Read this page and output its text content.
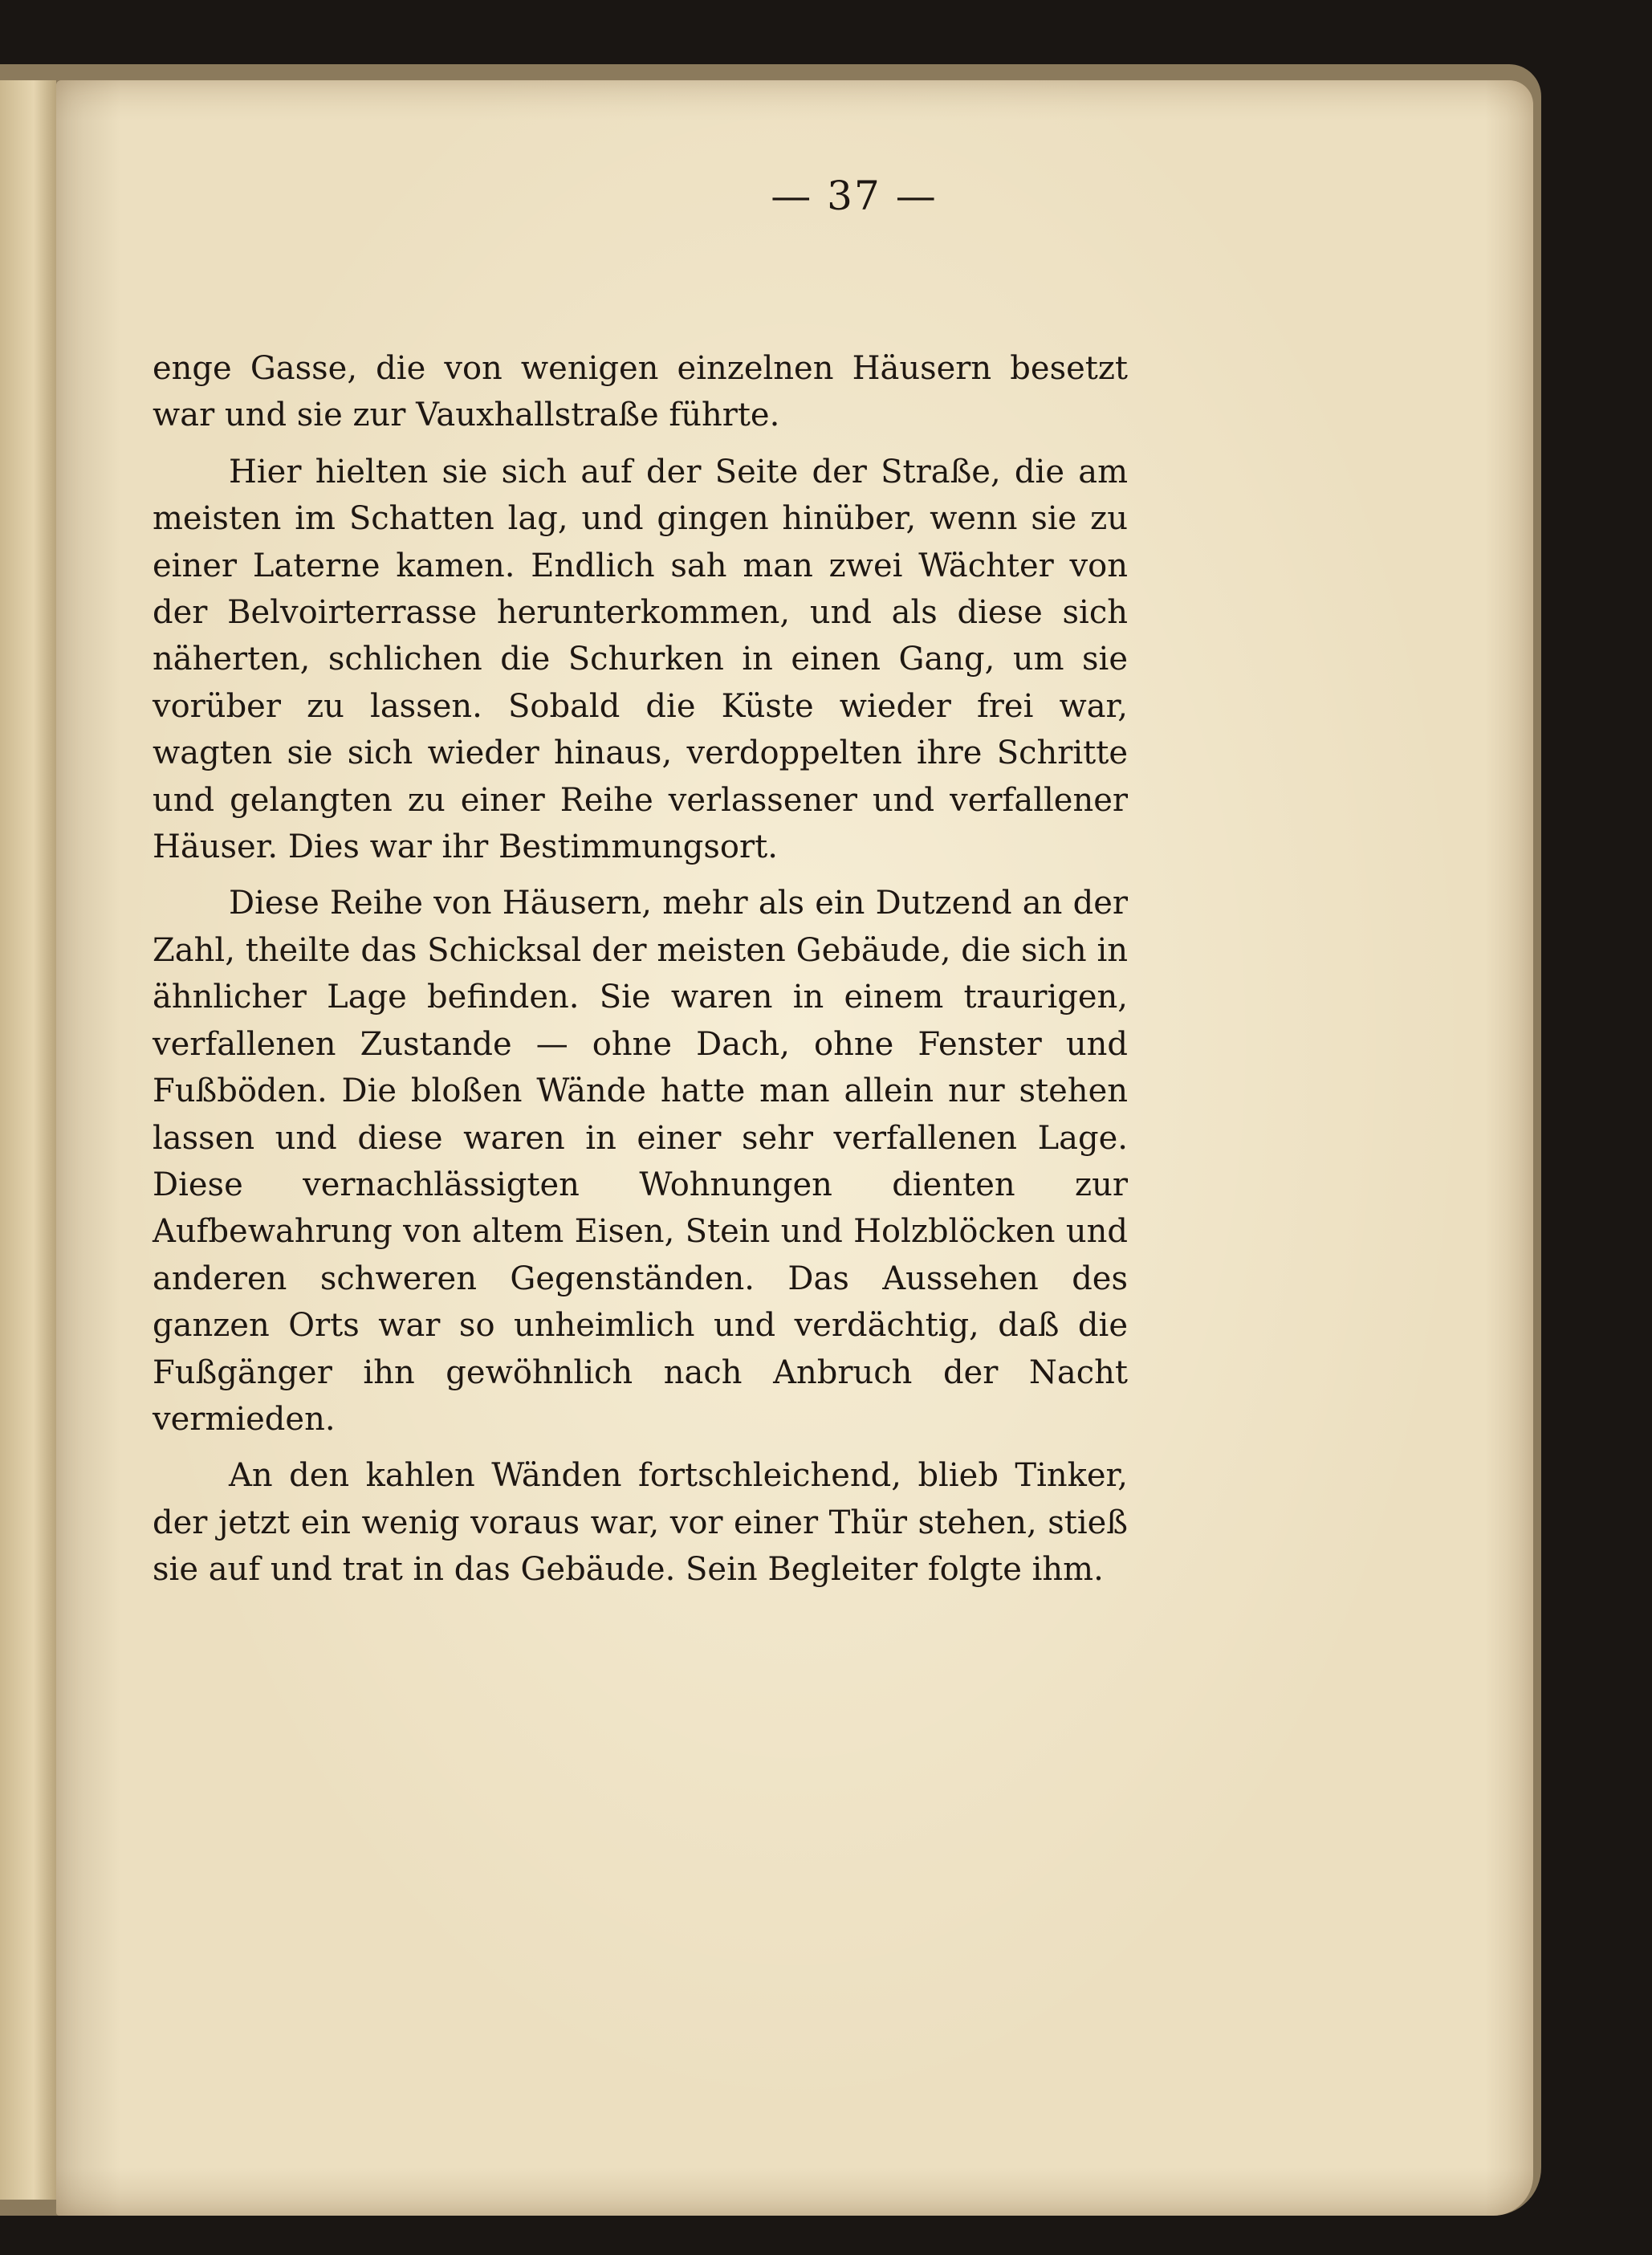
— 37 —

enge Gasse, die von wenigen einzelnen Häusern besetzt war und sie zur Vauxhallstraße führte.

Hier hielten sie sich auf der Seite der Straße, die am meisten im Schatten lag, und gingen hinüber, wenn sie zu einer Laterne kamen. Endlich sah man zwei Wächter von der Belvoirterrasse herunterkommen, und als diese sich näherten, schlichen die Schurken in einen Gang, um sie vorüber zu lassen. Sobald die Küste wieder frei war, wagten sie sich wieder hinaus, verdoppelten ihre Schritte und gelangten zu einer Reihe verlassener und verfallener Häuser. Dies war ihr Bestimmungsort.

Diese Reihe von Häusern, mehr als ein Dutzend an der Zahl, theilte das Schicksal der meisten Gebäude, die sich in ähnlicher Lage befinden. Sie waren in einem traurigen, verfallenen Zustande — ohne Dach, ohne Fenster und Fußböden. Die bloßen Wände hatte man allein nur stehen lassen und diese waren in einer sehr verfallenen Lage. Diese vernachlässigten Wohnungen dienten zur Aufbewahrung von altem Eisen, Stein und Holzblöcken und anderen schweren Gegenständen. Das Aussehen des ganzen Orts war so unheimlich und verdächtig, daß die Fußgänger ihn gewöhnlich nach Anbruch der Nacht vermieden.

An den kahlen Wänden fortschleichend, blieb Tinker, der jetzt ein wenig voraus war, vor einer Thür stehen, stieß sie auf und trat in das Gebäude. Sein Begleiter folgte ihm.
